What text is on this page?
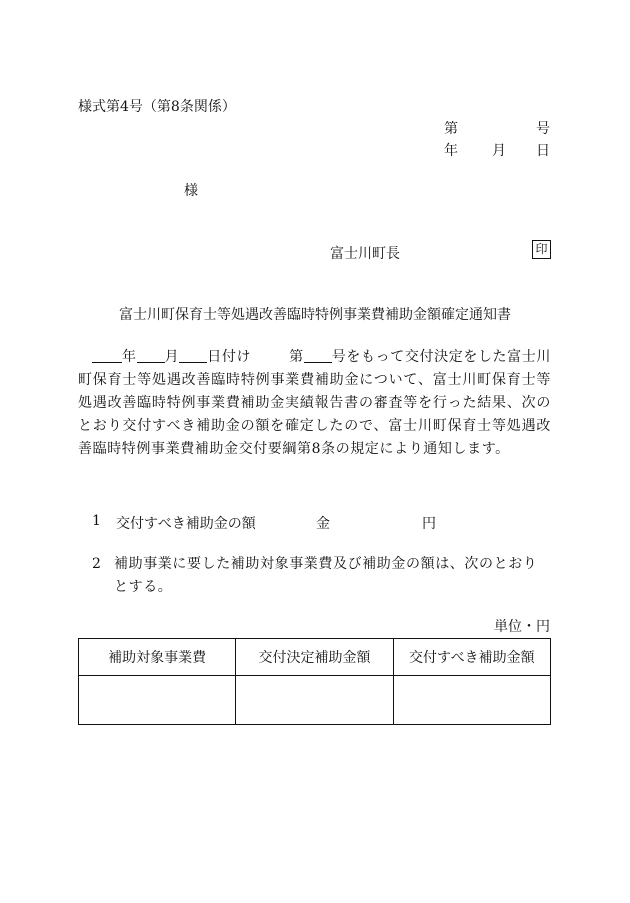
様式第4号（第8条関係）
第	号
年 月 日
様
富士川町長	印
富士川町保育士等処遇改善臨時特例事業費補助金額確定通知書

年 月 日付け	第 号をもって交付決定をした富士川町保育士等処遇改善臨時特例事業費補助金について、富士川町保育士等処遇改善臨時特例事業費補助金実績報告書の審査等を行った結果、次のとおり交付すべき補助金の額を確定したので、富士川町保育士等処遇改善臨時特例事業費補助金交付要綱第8条の規定により通知します。

1 交付すべき補助金の額	金	円
2 補助事業に要した補助対象事業費及び補助金の額は、次のとおりとする。
単位・円
補助対象事業費	交付決定補助金額	交付すべき補助金額
